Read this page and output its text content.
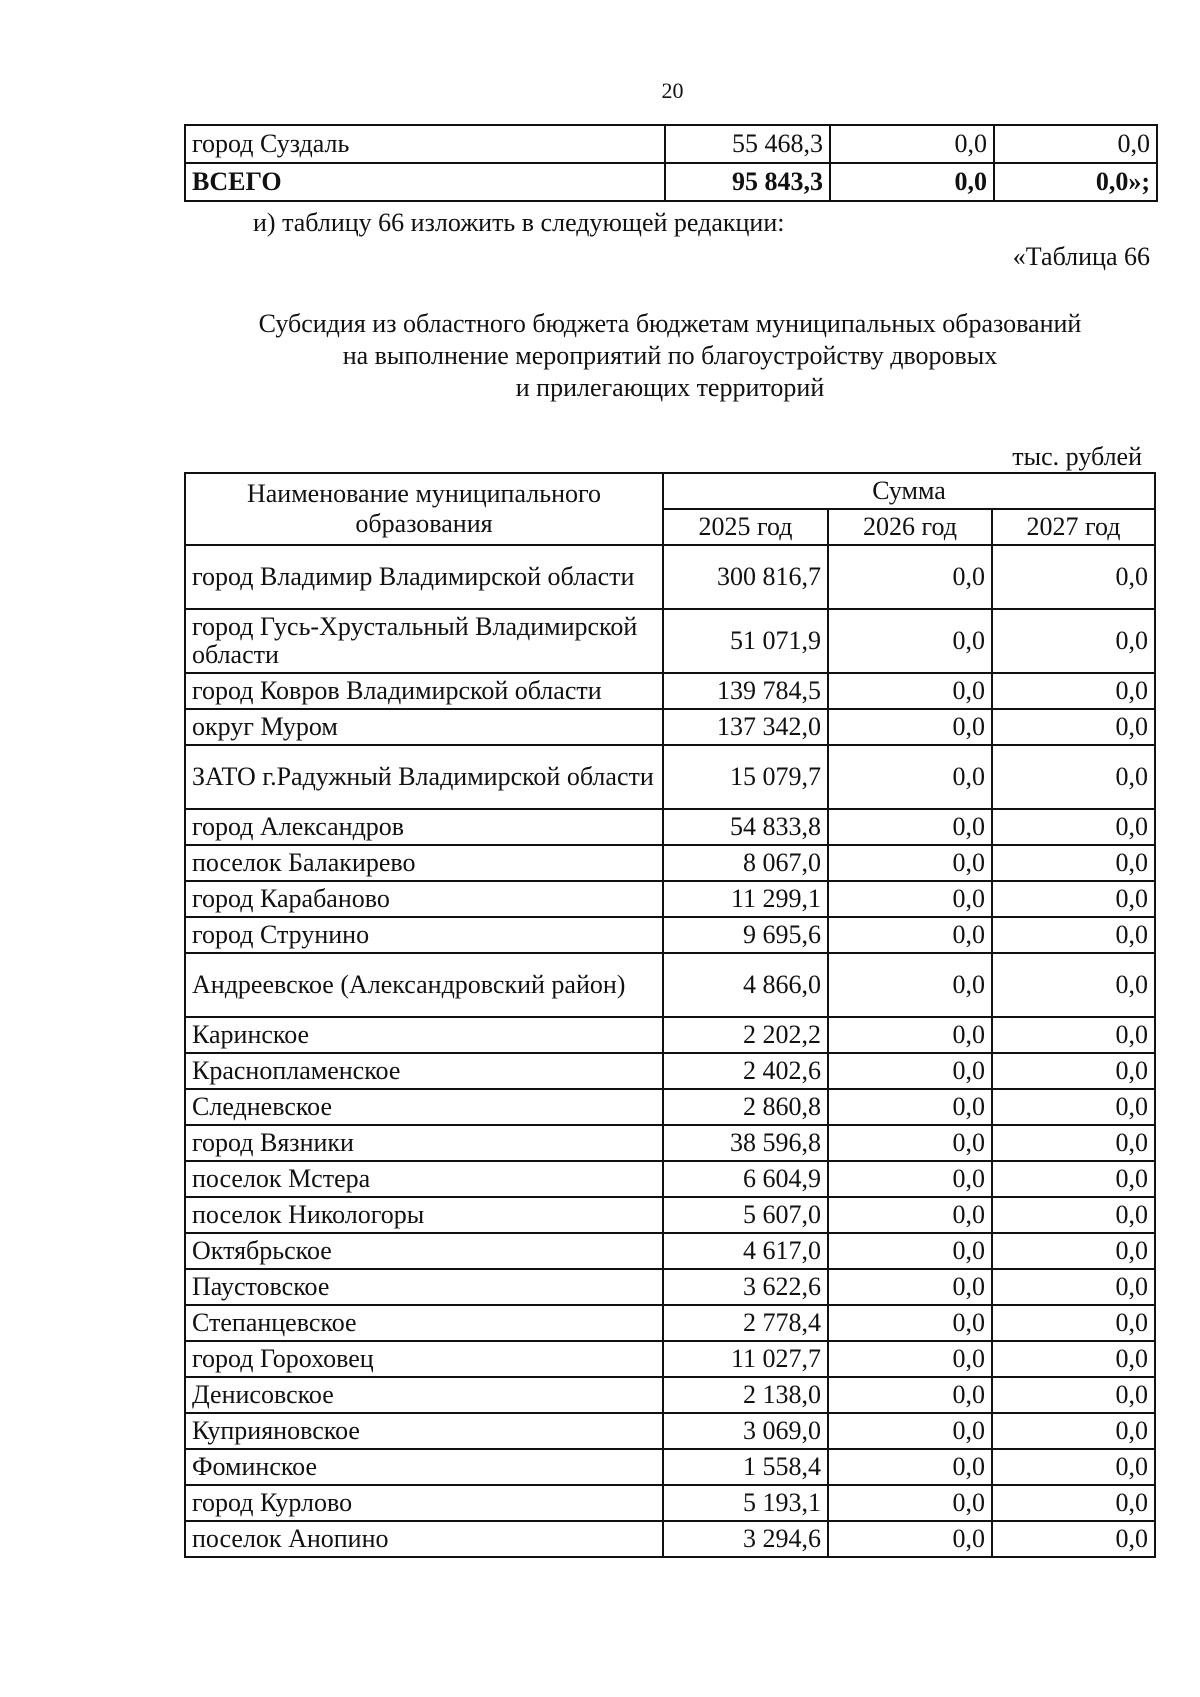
20
город Суздаль	55 468,3	0,0	0,0
ВСЕГО	95 843,3	0,0	0,0»;
и) таблицу 66 изложить в следующей редакции:
«Таблица 66
Субсидия из областного бюджета бюджетам муниципальных образований
на выполнение мероприятий по благоустройству дворовых
и прилегающих территорий
тыс. рублей
Наименование муниципального образования	Сумма		
	2025 год	2026 год	2027 год
город Владимир Владимирской области	300 816,7	0,0	0,0
город Гусь-Хрустальный Владимирской области	51 071,9	0,0	0,0
город Ковров Владимирской области	139 784,5	0,0	0,0
округ Муром	137 342,0	0,0	0,0
ЗАТО г.Радужный Владимирской области	15 079,7	0,0	0,0
город Александров	54 833,8	0,0	0,0
поселок Балакирево	8 067,0	0,0	0,0
город Карабаново	11 299,1	0,0	0,0
город Струнино	9 695,6	0,0	0,0
Андреевское (Александровский район)	4 866,0	0,0	0,0
Каринское	2 202,2	0,0	0,0
Краснопламенское	2 402,6	0,0	0,0
Следневское	2 860,8	0,0	0,0
город Вязники	38 596,8	0,0	0,0
поселок Мстера	6 604,9	0,0	0,0
поселок Никологоры	5 607,0	0,0	0,0
Октябрьское	4 617,0	0,0	0,0
Паустовское	3 622,6	0,0	0,0
Степанцевское	2 778,4	0,0	0,0
город Гороховец	11 027,7	0,0	0,0
Денисовское	2 138,0	0,0	0,0
Куприяновское	3 069,0	0,0	0,0
Фоминское	1 558,4	0,0	0,0
город Курлово	5 193,1	0,0	0,0
поселок Анопино	3 294,6	0,0	0,0
